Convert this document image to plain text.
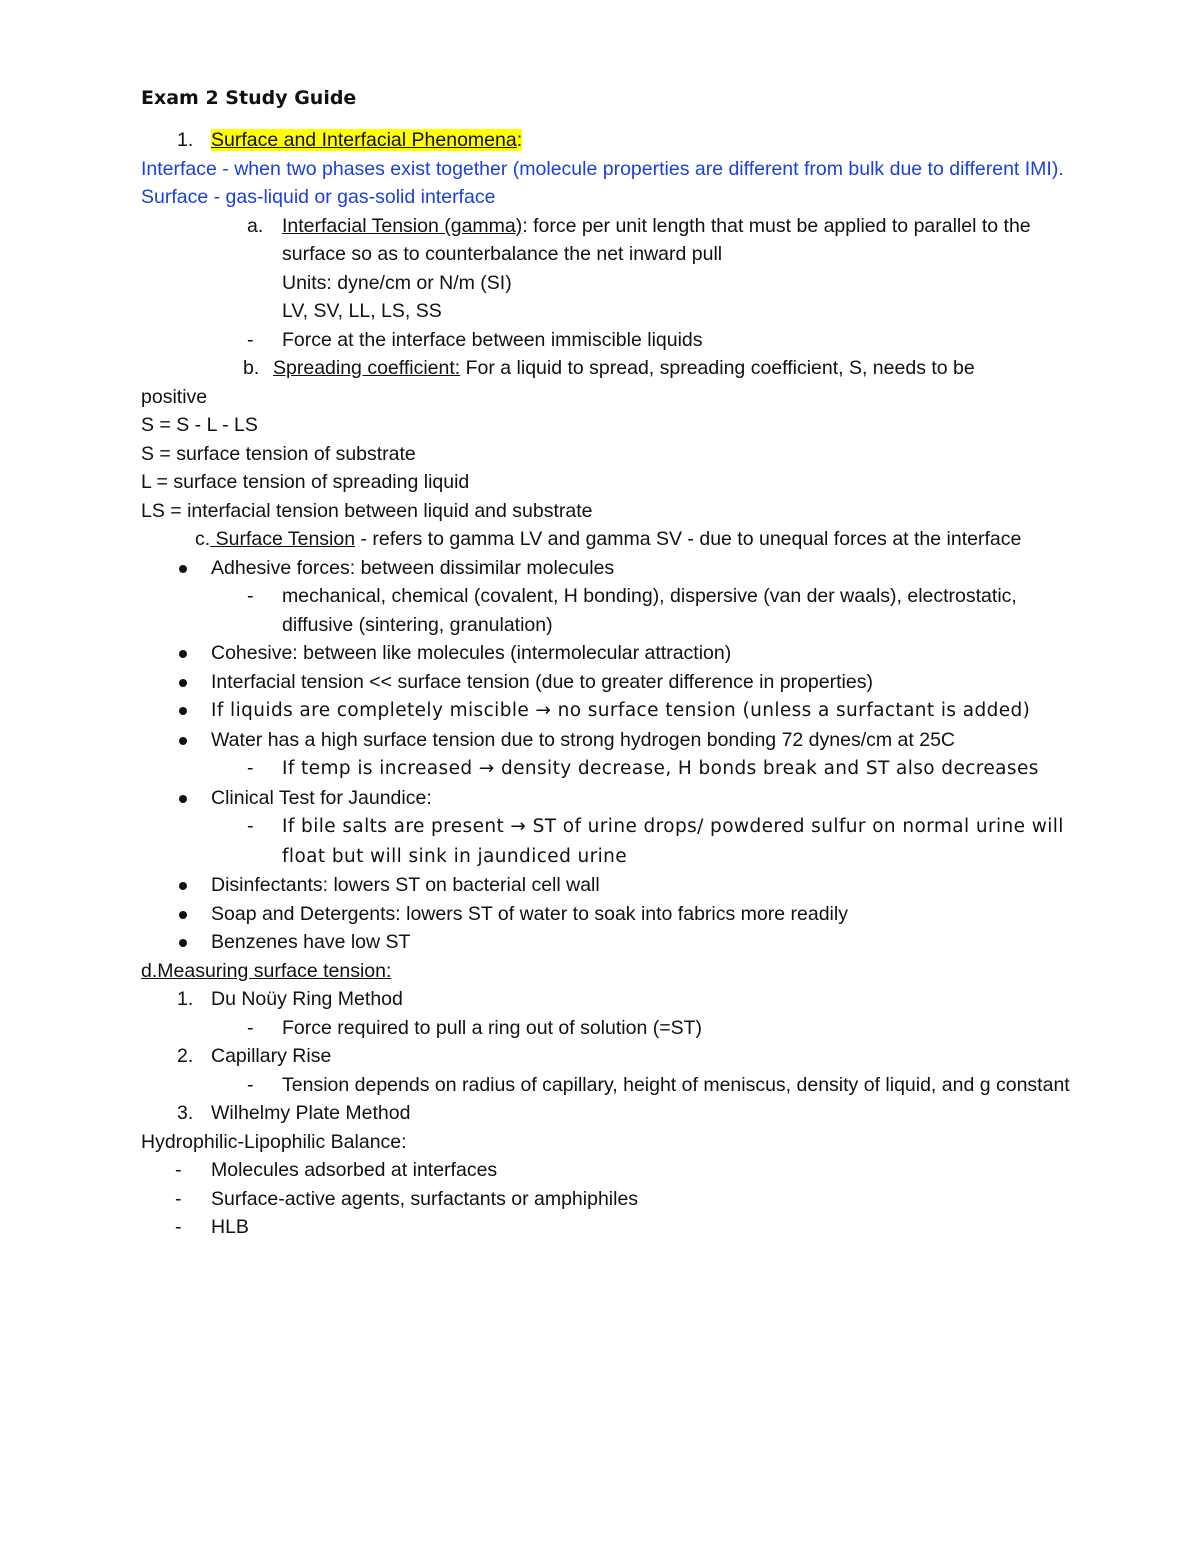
Exam 2 Study Guide
1. Surface and Interfacial Phenomena:
Interface - when two phases exist together (molecule properties are different from bulk due to different IMI).
Surface - gas-liquid or gas-solid interface
a. Interfacial Tension (gamma): force per unit length that must be applied to parallel to the surface so as to counterbalance the net inward pull
Units: dyne/cm or N/m (SI)
LV, SV, LL, LS, SS
- Force at the interface between immiscible liquids
b. Spreading coefficient: For a liquid to spread, spreading coefficient, S, needs to be
positive
S = S - L - LS
S = surface tension of substrate
L = surface tension of spreading liquid
LS = interfacial tension between liquid and substrate
c. Surface Tension - refers to gamma LV and gamma SV - due to unequal forces at the interface
Adhesive forces: between dissimilar molecules
- mechanical, chemical (covalent, H bonding), dispersive (van der waals), electrostatic, diffusive (sintering, granulation)
Cohesive: between like molecules (intermolecular attraction)
Interfacial tension << surface tension (due to greater difference in properties)
If liquids are completely miscible → no surface tension (unless a surfactant is added)
Water has a high surface tension due to strong hydrogen bonding 72 dynes/cm at 25C
- If temp is increased → density decrease, H bonds break and ST also decreases
Clinical Test for Jaundice:
- If bile salts are present → ST of urine drops/ powdered sulfur on normal urine will float but will sink in jaundiced urine
Disinfectants: lowers ST on bacterial cell wall
Soap and Detergents: lowers ST of water to soak into fabrics more readily
Benzenes have low ST
d.Measuring surface tension:
1. Du Noüy Ring Method
- Force required to pull a ring out of solution (=ST)
2. Capillary Rise
- Tension depends on radius of capillary, height of meniscus, density of liquid, and g constant
3. Wilhelmy Plate Method
Hydrophilic-Lipophilic Balance:
- Molecules adsorbed at interfaces
- Surface-active agents, surfactants or amphiphiles
- HLB
